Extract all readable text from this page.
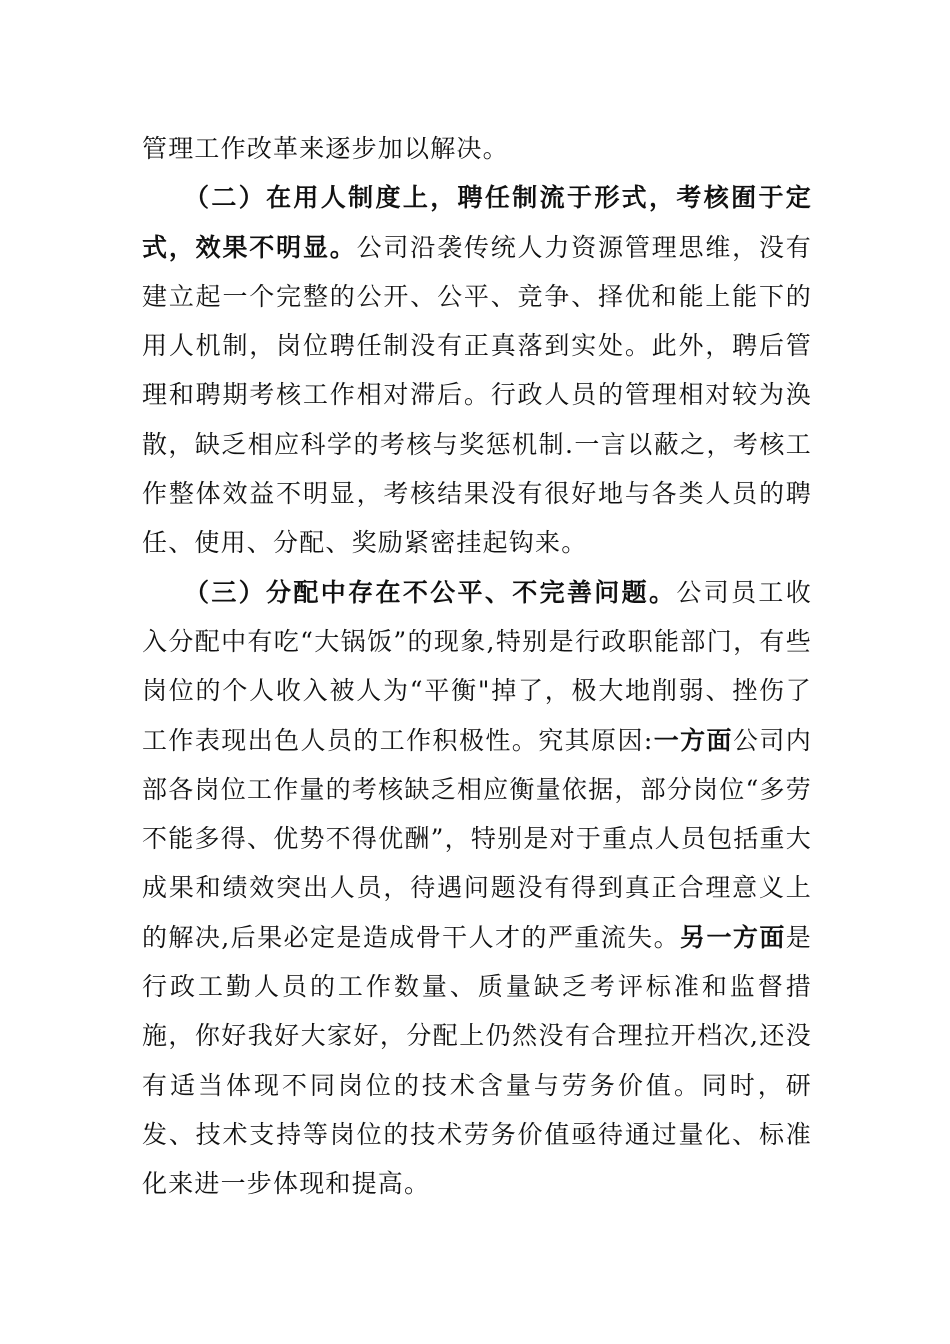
管理工作改革来逐步加以解决。

（二）在用人制度上，聘任制流于形式，考核囿于定式，效果不明显。公司沿袭传统人力资源管理思维，没有建立起一个完整的公开、公平、竞争、择优和能上能下的用人机制，岗位聘任制没有正真落到实处。此外，聘后管理和聘期考核工作相对滞后。行政人员的管理相对较为涣散，缺乏相应科学的考核与奖惩机制.一言以蔽之，考核工作整体效益不明显，考核结果没有很好地与各类人员的聘任、使用、分配、奖励紧密挂起钩来。

（三）分配中存在不公平、不完善问题。公司员工收入分配中有吃“大锅饭”的现象,特别是行政职能部门，有些岗位的个人收入被人为“平衡"掉了，极大地削弱、挫伤了工作表现出色人员的工作积极性。究其原因:一方面公司内部各岗位工作量的考核缺乏相应衡量依据，部分岗位“多劳不能多得、优势不得优酬”，特别是对于重点人员包括重大成果和绩效突出人员，待遇问题没有得到真正合理意义上的解决,后果必定是造成骨干人才的严重流失。另一方面是行政工勤人员的工作数量、质量缺乏考评标准和监督措施，你好我好大家好，分配上仍然没有合理拉开档次,还没有适当体现不同岗位的技术含量与劳务价值。同时，研发、技术支持等岗位的技术劳务价值亟待通过量化、标准化来进一步体现和提高。
